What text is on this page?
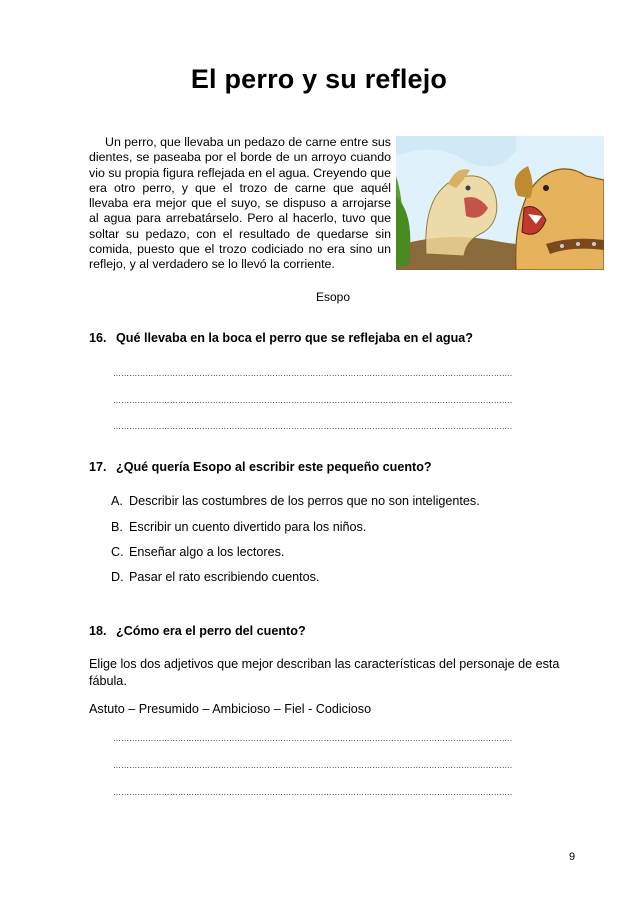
El perro y su reflejo

Un perro, que llevaba un pedazo de carne entre sus dientes, se paseaba por el borde de un arroyo cuando vio su propia figura reflejada en el agua. Creyendo que era otro perro, y que el trozo de carne que aquél llevaba era mejor que el suyo, se dispuso a arrojarse al agua para arrebatárselo. Pero al hacerlo, tuvo que soltar su pedazo, con el resultado de quedarse sin comida, puesto que el trozo codiciado no era sino un reflejo, y al verdadero se lo llevó la corriente.

Esopo
16. Qué llevaba en la boca el perro que se reflejaba en el agua?
………………………………………………………………………………………………………………………………….
………………………………………………………………………………………………………………………………….
………………………………………………………………………………………………………………………………….
17. ¿Qué quería Esopo al escribir este pequeño cuento?
A. Describir las costumbres de los perros que no son inteligentes.
B. Escribir un cuento divertido para los niños.
C. Enseñar algo a los lectores.
D. Pasar el rato escribiendo cuentos.
18. ¿Cómo era el perro del cuento?

Elige los dos adjetivos que mejor describan las características del personaje de esta fábula.

Astuto – Presumido – Ambicioso – Fiel - Codicioso

………………………………………………………………………………………………………………………………….
………………………………………………………………………………………………………………………………….
………………………………………………………………………………………………………………………………….
9
